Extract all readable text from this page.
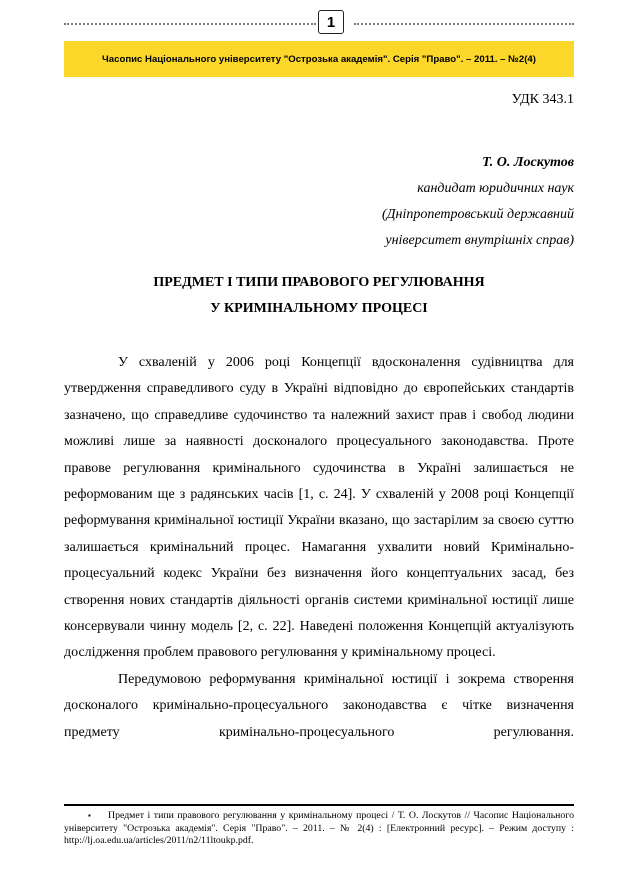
1
Часопис Національного університету "Острозька академія". Серія "Право". – 2011. – №2(4)
УДК 343.1
Т. О. Лоскутов
кандидат юридичних наук
(Дніпропетровський державний
університет внутрішніх справ)
ПРЕДМЕТ І ТИПИ ПРАВОВОГО РЕГУЛЮВАННЯ
У КРИМІНАЛЬНОМУ ПРОЦЕСІ

У схваленій у 2006 році Концепції вдосконалення судівництва для утвердження справедливого суду в Україні відповідно до європейських стандартів зазначено, що справедливе судочинство та належний захист прав і свобод людини можливі лише за наявності досконалого процесуального законодавства. Проте правове регулювання кримінального судочинства в Україні залишається не реформованим ще з радянських часів [1, с. 24]. У схваленій у 2008 році Концепції реформування кримінальної юстиції України вказано, що застарілим за своєю суттю залишається кримінальний процес. Намагання ухвалити новий Кримінально-процесуальний кодекс України без визначення його концептуальних засад, без створення нових стандартів діяльності органів системи кримінальної юстиції лише консервували чинну модель [2, с. 22]. Наведені положення Концепцій актуалізують дослідження проблем правового регулювання у кримінальному процесі.

Передумовою реформування кримінальної юстиції і зокрема створення досконалого кримінально-процесуального законодавства є чітке визначення предмету кримінально-процесуального регулювання.

▪ Предмет і типи правового регулювання у кримінальному процесі / Т. О. Лоскутов // Часопис Національного університету "Острозька академія". Серія "Право". – 2011. – № 2(4) : [Електронний ресурс]. – Режим доступу : http://lj.oa.edu.ua/articles/2011/n2/11ltoukp.pdf.
